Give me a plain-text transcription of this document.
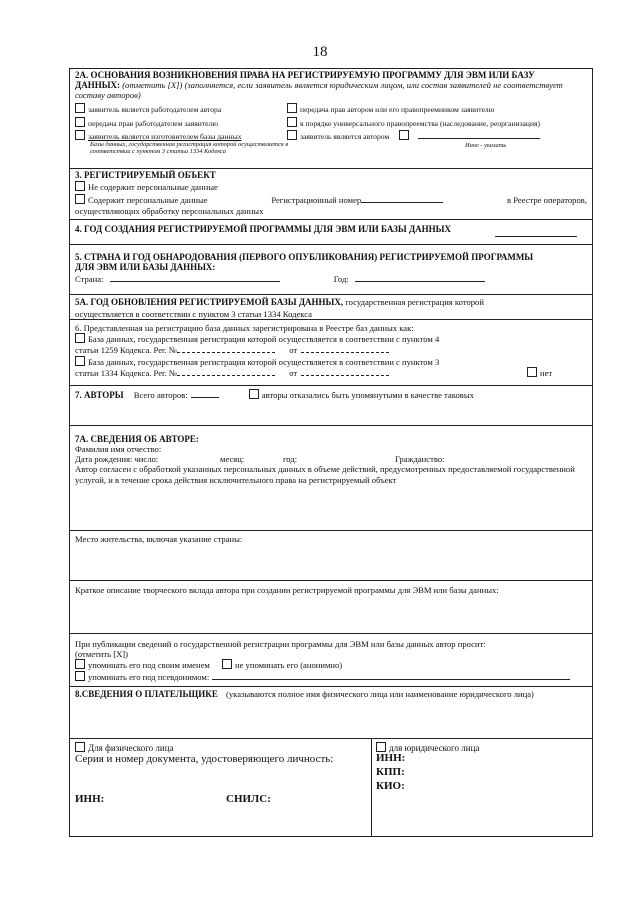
18
2А. ОСНОВАНИЯ ВОЗНИКНОВЕНИЯ ПРАВА НА РЕГИСТРИРУЕМУЮ ПРОГРАММУ ДЛЯ ЭВМ ИЛИ БАЗУ
ДАННЫХ: (отметить [X]) (заполняется, если заявитель является юридическим лицом, или состав заявителей не соответствует составу авторов)
заявитель является работодателем автора	передача прав автором или его правопреемником заявителю
передача прав работодателем заявителю	в порядке универсального правопреемства (наследование, реорганизация)
заявитель является изготовителем базы данных	заявитель является автором
Базы данных, государственная регистрация которой осуществляется в соответствии с пунктом 3 статьи 1334 Кодекса
Иное - указать
3. РЕГИСТРИРУЕМЫЙ ОБЪЕКТ
Не содержит персональные данные
Содержит персональные данные	Регистрационный номер	в Реестре операторов,
осуществляющих обработку персональных данных
4. ГОД СОЗДАНИЯ РЕГИСТРИРУЕМОЙ ПРОГРАММЫ ДЛЯ ЭВМ ИЛИ БАЗЫ ДАННЫХ
5. СТРАНА И ГОД ОБНАРОДОВАНИЯ (ПЕРВОГО ОПУБЛИКОВАНИЯ) РЕГИСТРИРУЕМОЙ ПРОГРАММЫ
ДЛЯ ЭВМ ИЛИ БАЗЫ ДАННЫХ:
Страна:	Год:
5А. ГОД ОБНОВЛЕНИЯ РЕГИСТРИРУЕМОЙ БАЗЫ ДАННЫХ, государственная регистрация которой
осуществляется в соответствии с пунктом 3 статьи 1334 Кодекса
6. Представленная на регистрацию база данных зарегистрирована в Реестре баз данных как:
База данных, государственная регистрация которой осуществляется в соответствии с пунктом 4
статьи 1259 Кодекса. Рег. №	от
База данных, государственная регистрация которой осуществляется в соответствии с пунктом 3
статьи 1334 Кодекса. Рег. №	от	нет
7. АВТОРЫ Всего авторов:	авторы отказались быть упомянутыми в качестве таковых
7А. СВЕДЕНИЯ ОБ АВТОРЕ:
Фамилия имя отчество:
Дата рождения: число:	месяц:	год:	Гражданство:
Автор согласен с обработкой указанных персональных данных в объеме действий, предусмотренных предоставляемой государственной услугой, и в течение срока действия исключительного права на регистрируемый объект
Место жительства, включая указание страны:
Краткое описание творческого вклада автора при создании регистрируемой программы для ЭВМ или базы данных:
При публикации сведений о государственной регистрации программы для ЭВМ или базы данных автор просит:
(отметить [X])
упоминать его под своим именем	не упоминать его (анонимно)
упоминать его под псевдонимом:
8.СВЕДЕНИЯ О ПЛАТЕЛЬЩИКЕ (указываются полное имя физического лица или наименование юридического лица)
Для физического лица
Серия и номер документа, удостоверяющего личность:
ИНН:	СНИЛС:
для юридического лица
ИНН:
КПП:
КИО:
